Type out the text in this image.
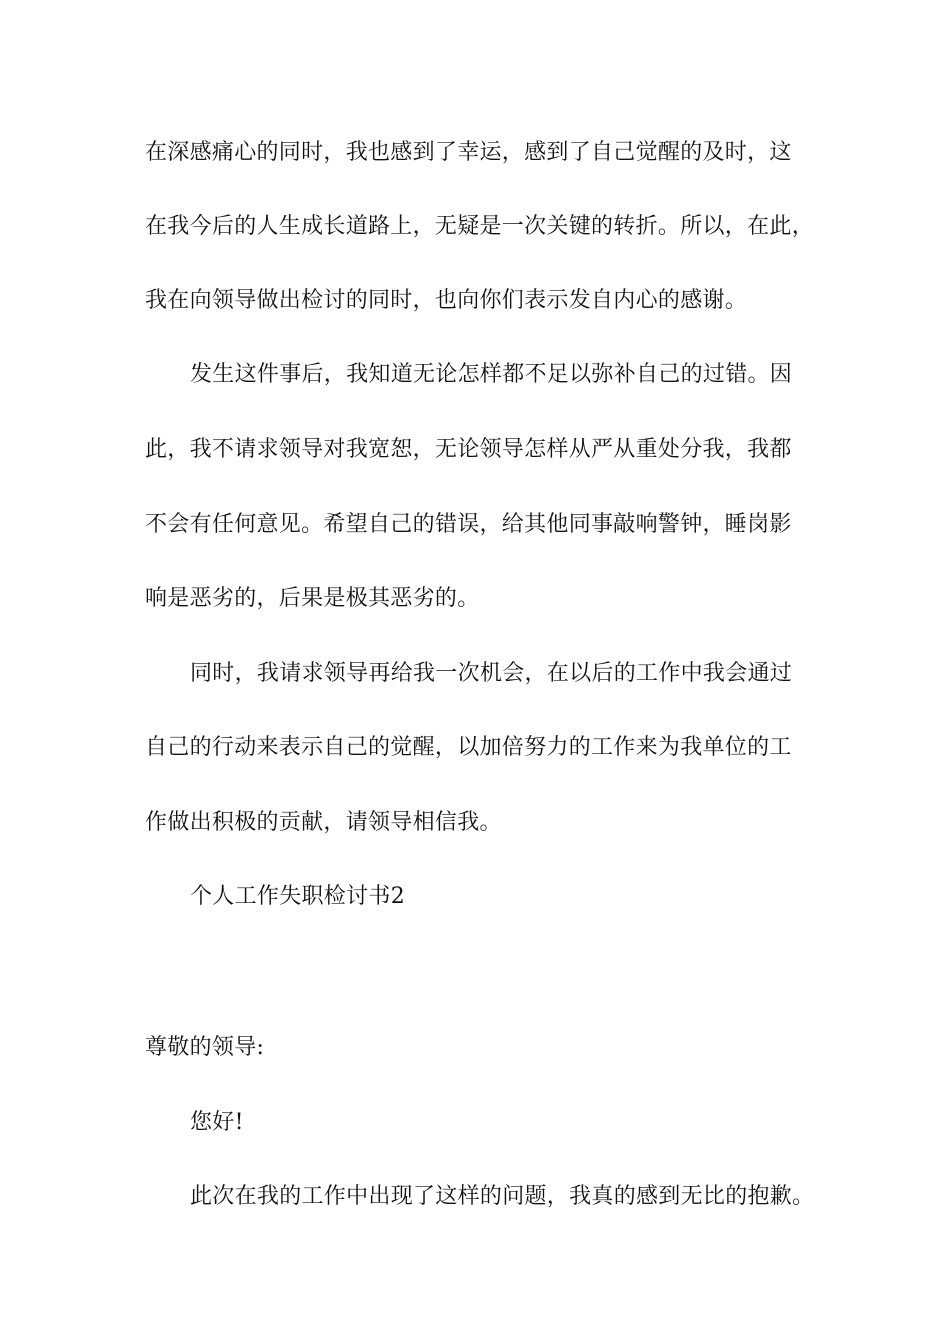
在深感痛心的同时，我也感到了幸运，感到了自己觉醒的及时，这
在我今后的人生成长道路上，无疑是一次关键的转折。所以，在此，
我在向领导做出检讨的同时，也向你们表示发自内心的感谢。
发生这件事后，我知道无论怎样都不足以弥补自己的过错。因
此，我不请求领导对我宽恕，无论领导怎样从严从重处分我，我都
不会有任何意见。希望自己的错误，给其他同事敲响警钟，睡岗影
响是恶劣的，后果是极其恶劣的。
同时，我请求领导再给我一次机会，在以后的工作中我会通过
自己的行动来表示自己的觉醒，以加倍努力的工作来为我单位的工
作做出积极的贡献，请领导相信我。
个人工作失职检讨书2
尊敬的领导:
您好!
此次在我的工作中出现了这样的问题，我真的感到无比的抱歉。
